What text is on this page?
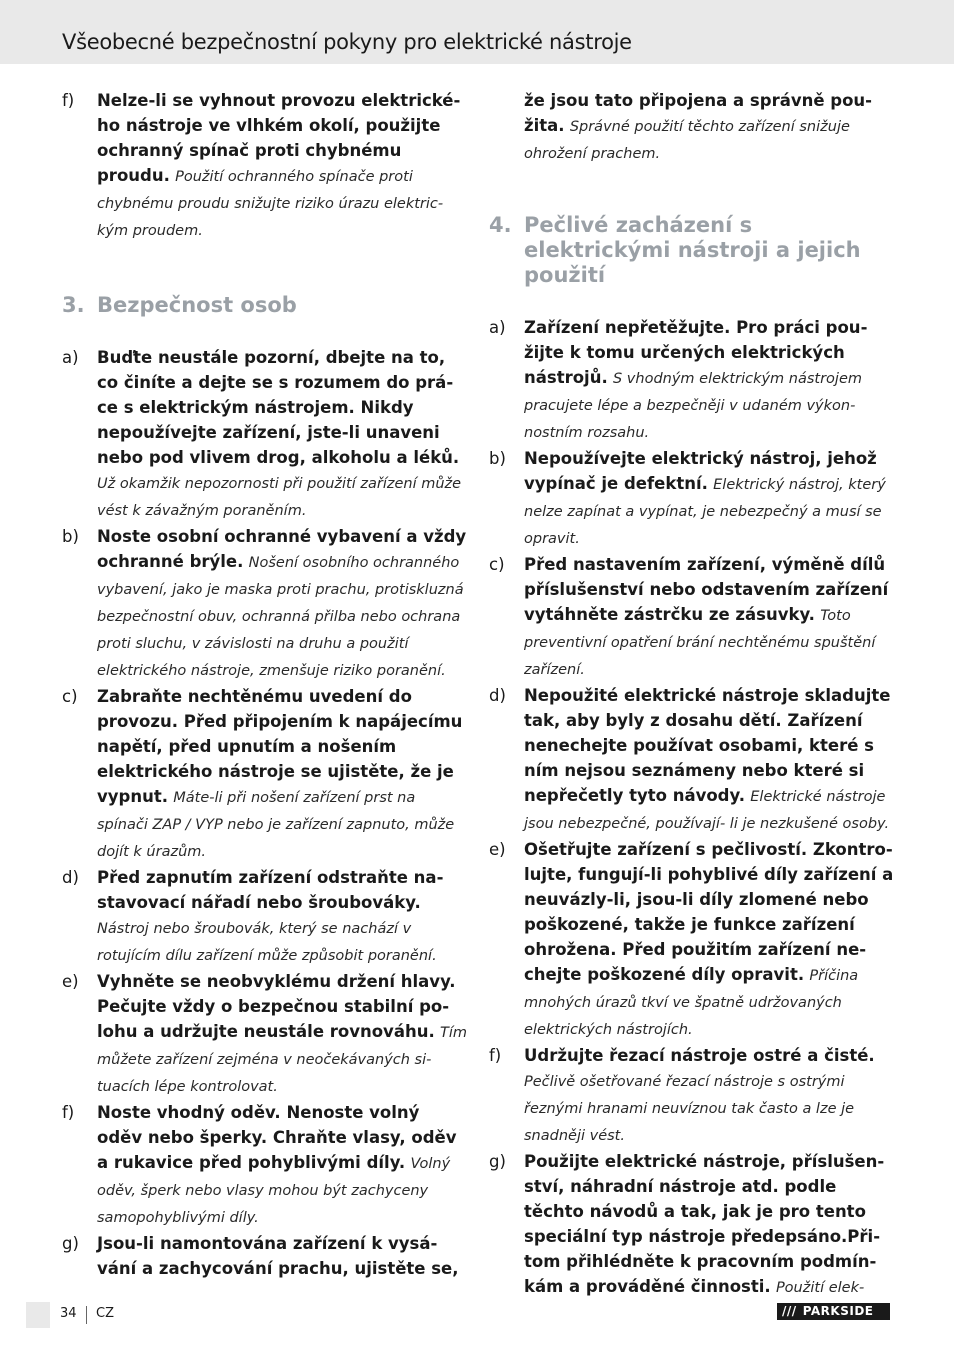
Všeobecné bezpečnostní pokyny pro elektrické nástroje
f) Nelze-li se vyhnout provozu elektrického nástroje ve vlhkém okolí, použijte ochranný spínač proti chybnému proudu. Použití ochranného spínače proti chybnému proudu snižujte riziko úrazu elektrickým proudem.
3. Bezpečnost osob
a) Buďte neustále pozorní, dbejte na to, co činíte a dejte se s rozumem do práce s elektrickým nástrojem. Nikdy nepoužívejte zařízení, jste-li unaveni nebo pod vlivem drog, alkoholu a léků. Už okamžik nepozornosti při použití zařízení může vést k závažným poraněním.
b) Noste osobní ochranné vybavení a vždy ochranné brýle. Nošení osobního ochranného vybavení, jako je maska proti prachu, protiskluzná bezpečnostní obuv, ochranná přilba nebo ochrana proti sluchu, v závislosti na druhu a použití elektrického nástroje, zmenšuje riziko poranění.
c) Zabraňte nechtěnému uvedení do provozu. Před připojením k napájecímu napětí, před upnutím a nošením elektrického nástroje se ujistěte, že je vypnut. Máte-li při nošení zařízení prst na spínači ZAP / VYP nebo je zařízení zapnuto, může dojít k úrazům.
d) Před zapnutím zařízení odstraňte nastavovací nářadí nebo šroubováky. Nástroj nebo šroubovák, který se nachází v rotujícím dílu zařízení může způsobit poranění.
e) Vyhněte se neobvyklému držení hlavy. Pečujte vždy o bezpečnou stabilní polohu a udržujte neustále rovnováhu. Tím můžete zařízení zejména v neočekávaných situacích lépe kontrolovat.
f) Noste vhodný oděv. Nenoste volný oděv nebo šperky. Chraňte vlasy, oděv a rukavice před pohyblivými díly. Volný oděv, šperk nebo vlasy mohou být zachyceny samopohyblivými díly.
g) Jsou-li namontována zařízení k vysávání a zachycování prachu, ujistěte se,
že jsou tato připojena a správně použita. Správné použití těchto zařízení snižuje ohrožení prachem.
4. Pečlivé zacházení s elektrickými nástroji a jejich použití
a) Zařízení nepřetěžujte. Pro práci použijte k tomu určených elektrických nástrojů. S vhodným elektrickým nástrojem pracujete lépe a bezpečněji v udaném výkonnostním rozsahu.
b) Nepoužívejte elektrický nástroj, jehož vypínač je defektní. Elektrický nástroj, který nelze zapínat a vypínat, je nebezpečný a musí se opravit.
c) Před nastavením zařízení, výměně dílů příslušenství nebo odstavením zařízení vytáhněte zástrčku ze zásuvky. Toto preventivní opatření brání nechtěnému spuštění zařízení.
d) Nepoužité elektrické nástroje skladujte tak, aby byly z dosahu dětí. Zařízení nenechejte používat osobami, které s ním nejsou seznámeny nebo které si nepřečetly tyto návody. Elektrické nástroje jsou nebezpečné, používají- li je nezkušené osoby.
e) Ošetřujte zařízení s pečlivostí. Zkontrolujte, fungují-li pohyblivé díly zařízení a neuvázly-li, jsou-li díly zlomené nebo poškozené, takže je funkce zařízení ohrožena. Před použitím zařízení nechejte poškozené díly opravit. Příčina mnohých úrazů tkví ve špatně udržovaných elektrických nástrojích.
f) Udržujte řezací nástroje ostré a čisté. Pečlivě ošetřované řezací nástroje s ostrými řeznými hranami neuvíznou tak často a lze je snadněji vést.
g) Použijte elektrické nástroje, příslušenství, náhradní nástroje atd. podle těchto návodů a tak, jak je pro tento speciální typ nástroje předepsáno.Přitom přihlédněte k pracovním podmínkám a prováděné činnosti. Použití elek-
34 CZ	/// PARKSIDE
